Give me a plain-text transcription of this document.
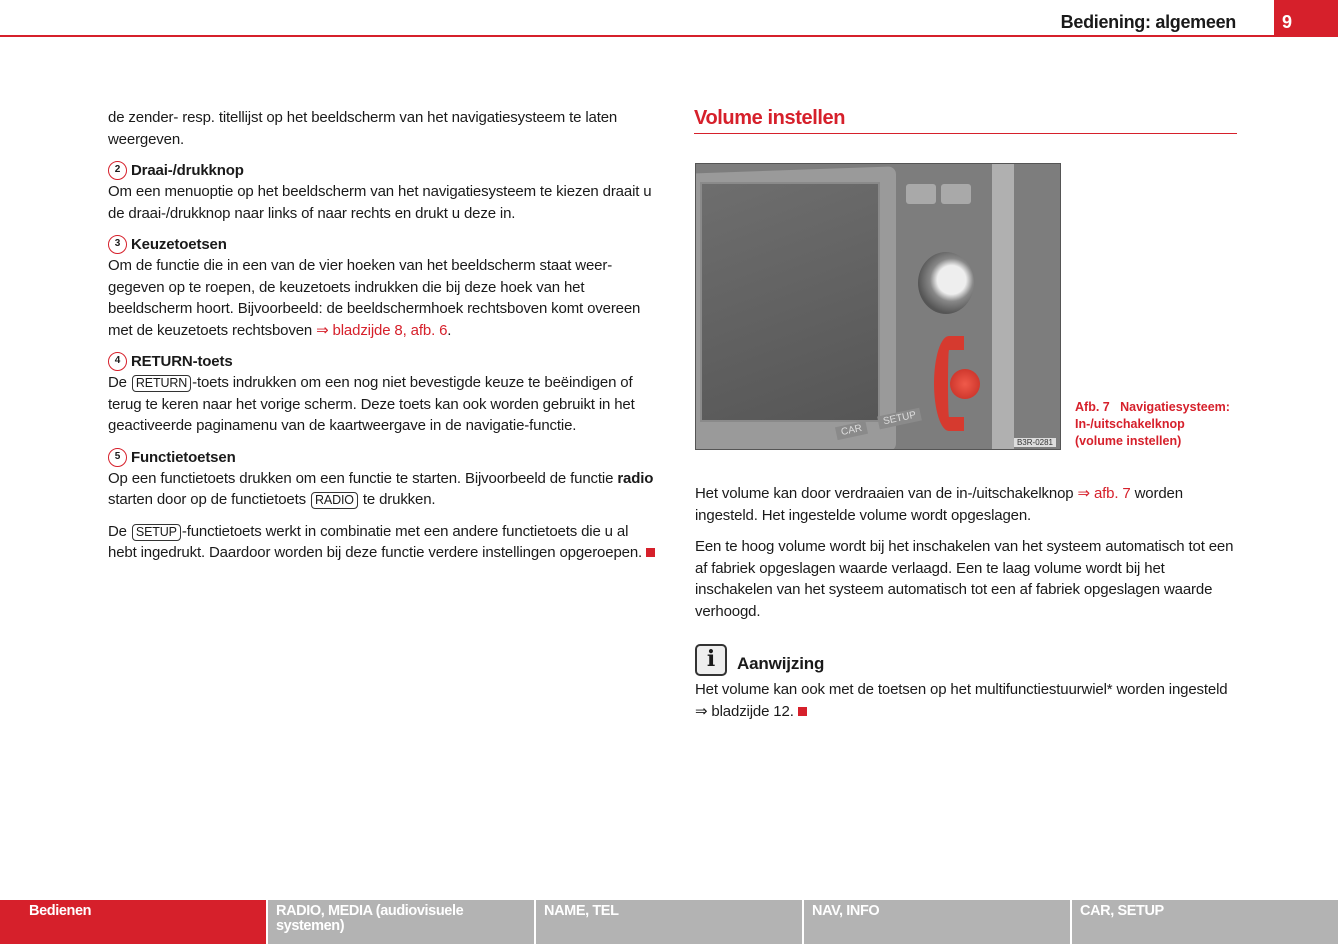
Bediening: algemeen	9

de zender- resp. titellijst op het beeldscherm van het navigatiesysteem te laten weergeven.

2 Draai-/drukknop

Om een menuoptie op het beeldscherm van het navigatiesysteem te kiezen draait u de draai-/drukknop naar links of naar rechts en drukt u deze in.

3 Keuzetoetsen

Om de functie die in een van de vier hoeken van het beeldscherm staat weer-gegeven op te roepen, de keuzetoets indrukken die bij deze hoek van het beeldscherm hoort. Bijvoorbeeld: de beeldschermhoek rechtsboven komt overeen met de keuzetoets rechtsboven ⇒ bladzijde 8, afb. 6.

4 RETURN-toets

De RETURN -toets indrukken om een nog niet bevestigde keuze te beëindigen of terug te keren naar het vorige scherm. Deze toets kan ook worden gebruikt in het geactiveerde paginamenu van de kaartweergave in de navigatie-functie.

5 Functietoetsen

Op een functietoets drukken om een functie te starten. Bijvoorbeeld de functie radio starten door op de functietoets RADIO te drukken.

De SETUP -functietoets werkt in combinatie met een andere functietoets die u al hebt ingedrukt. Daardoor worden bij deze functie verdere instellingen opgeroepen.

Volume instellen
CAR
SETUP
B3R-0281
Afb. 7 Navigatiesysteem:
In-/uitschakelknop
(volume instellen)

Het volume kan door verdraaien van de in-/uitschakelknop ⇒ afb. 7 worden ingesteld. Het ingestelde volume wordt opgeslagen.

Een te hoog volume wordt bij het inschakelen van het systeem automatisch tot een af fabriek opgeslagen waarde verlaagd. Een te laag volume wordt bij het inschakelen van het systeem automatisch tot een af fabriek opgeslagen waarde verhoogd.

i	Aanwijzing

Het volume kan ook met de toetsen op het multifunctiestuurwiel* worden ingesteld ⇒ bladzijde 12.

Bedienen	RADIO, MEDIA (audiovisuele systemen)
NAME, TEL	NAV, INFO	CAR, SETUP
